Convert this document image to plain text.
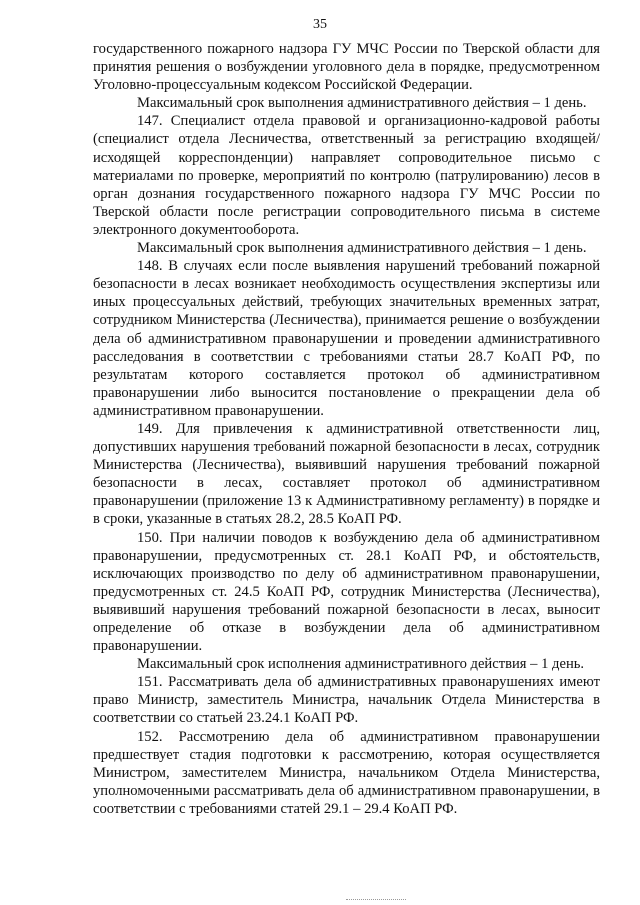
35

государственного пожарного надзора ГУ МЧС России по Тверской области для принятия решения о возбуждении уголовного дела в порядке, предусмотренном Уголовно-процессуальным кодексом Российской Федерации.

Максимальный срок выполнения административного действия – 1 день.

147. Специалист отдела правовой и организационно-кадровой работы (специалист отдела Лесничества, ответственный за регистрацию входящей/исходящей корреспонденции) направляет сопроводительное письмо с материалами по проверке, мероприятий по контролю (патрулированию) лесов в орган дознания государственного пожарного надзора ГУ МЧС России по Тверской области после регистрации сопроводительного письма в системе электронного документооборота.

Максимальный срок выполнения административного действия – 1 день.

148. В случаях если после выявления нарушений требований пожарной безопасности в лесах возникает необходимость осуществления экспертизы или иных процессуальных действий, требующих значительных временных затрат, сотрудником Министерства (Лесничества), принимается решение о возбуждении дела об административном правонарушении и проведении административного расследования в соответствии с требованиями статьи 28.7 КоАП РФ, по результатам которого составляется протокол об административном правонарушении либо выносится постановление о прекращении дела об административном правонарушении.

149. Для привлечения к административной ответственности лиц, допустивших нарушения требований пожарной безопасности в лесах, сотрудник Министерства (Лесничества), выявивший нарушения требований пожарной безопасности в лесах, составляет протокол об административном правонарушении (приложение 13 к Административному регламенту) в порядке и в сроки, указанные в статьях 28.2, 28.5 КоАП РФ.

150. При наличии поводов к возбуждению дела об административном правонарушении, предусмотренных ст. 28.1 КоАП РФ, и обстоятельств, исключающих производство по делу об административном правонарушении, предусмотренных ст. 24.5 КоАП РФ, сотрудник Министерства (Лесничества), выявивший нарушения требований пожарной безопасности в лесах, выносит определение об отказе в возбуждении дела об административном правонарушении.

Максимальный срок исполнения административного действия – 1 день.

151. Рассматривать дела об административных правонарушениях имеют право Министр, заместитель Министра, начальник Отдела Министерства в соответствии со статьей 23.24.1 КоАП РФ.

152. Рассмотрению дела об административном правонарушении предшествует стадия подготовки к рассмотрению, которая осуществляется Министром, заместителем Министра, начальником Отдела Министерства, уполномоченными рассматривать дела об административном правонарушении, в соответствии с требованиями статей 29.1 – 29.4 КоАП РФ.
